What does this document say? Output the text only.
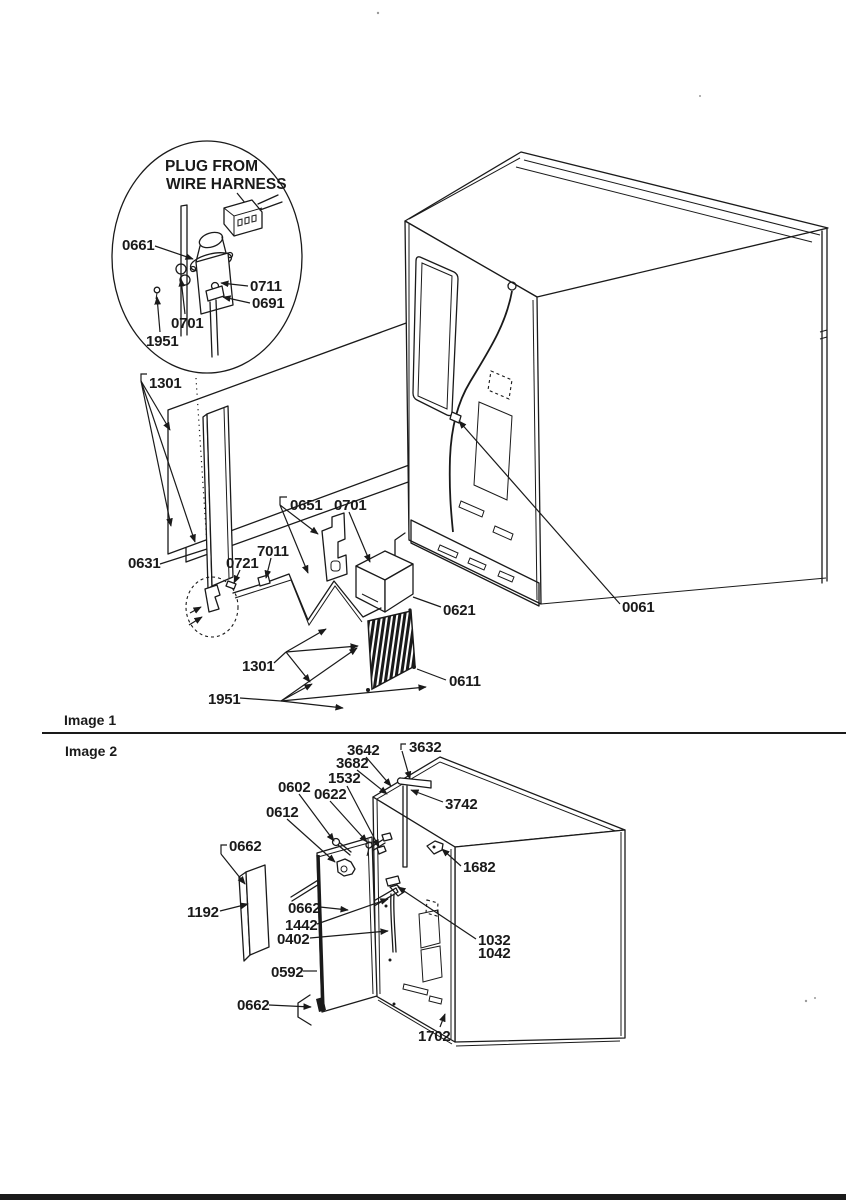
PLUG FROM
WIRE HARNESS
0661
0711
0691
0701
1951
1301
0651 0701
0631	0721
7011
0621	0061
1301
1951
0611
Image 1
Image 2	3642 3632
3682
1532
0602 0622
0612	3742
0662
1682
1192	0662
1442
0402	1032
1042
0592
0662
1702
